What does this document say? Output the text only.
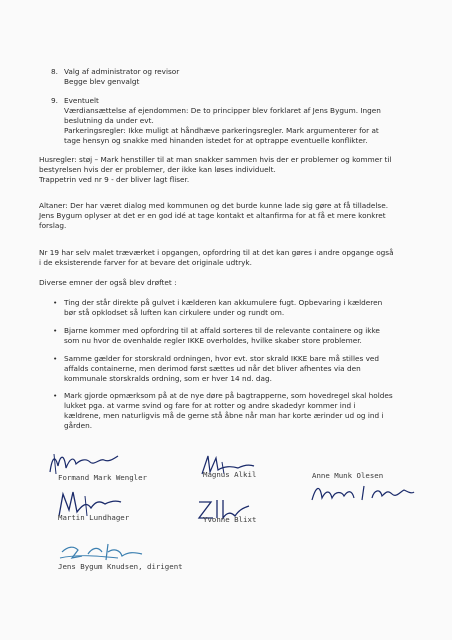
8. Valg af administrator og revisor
Begge blev genvalgt
9. Eventuelt
Værdiansættelse af ejendommen: De to principper blev forklaret af Jens Bygum. Ingen
beslutning da under evt.
Parkeringsregler: Ikke muligt at håndhæve parkeringsregler. Mark argumenterer for at
tage hensyn og snakke med hinanden istedet for at optrappe eventuelle konflikter.
Husregler: støj – Mark henstiller til at man snakker sammen hvis der er problemer og kommer til
bestyrelsen hvis der er problemer, der ikke kan løses individuelt.
Trappetrin ved nr 9 - der bliver lagt fliser.
Altaner: Der har været dialog med kommunen og det burde kunne lade sig gøre at få tilladelse.
Jens Bygum oplyser at det er en god idé at tage kontakt et altanfirma for at få et mere konkret
forslag.
Nr 19 har selv malet træværket i opgangen, opfordring til at det kan gøres i andre opgange også
i de eksisterende farver for at bevare det originale udtryk.
Diverse emner der også blev drøftet :
• Ting der står direkte på gulvet i kælderen kan akkumulere fugt. Opbevaring i kælderen
bør stå opklodset så luften kan cirkulere under og rundt om.
• Bjarne kommer med opfordring til at affald sorteres til de relevante containere og ikke
som nu hvor de ovenhalde regler IKKE overholdes, hvilke skaber store problemer.
• Samme gælder for storskrald ordningen, hvor evt. stor skrald IKKE bare må stilles ved
affalds containerne, men derimod først sættes ud når det bliver afhentes via den
kommunale storskralds ordning, som er hver 14 nd. dag.
• Mark gjorde opmærksom på at de nye døre på bagtrapperne, som hovedregel skal holdes
lukket pga. at varme svind og fare for at rotter og andre skadedyr kommer ind i
kældrene, men naturligvis må de gerne stå åbne når man har korte ærinder ud og ind i
gården.
Formand Mark Wengler	Magnus Alkil	Anne Munk Olesen
Martin Lundhager	Yvonne Blixt
Jens Bygum Knudsen, dirigent
